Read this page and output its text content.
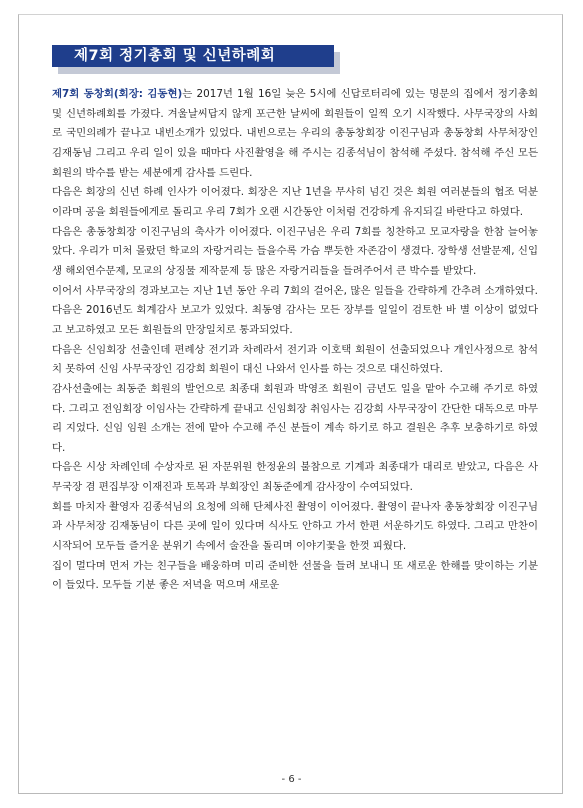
제7회 정기총회 및 신년하례회

제7회 동창회(회장: 김동현)는 2017년 1월 16일 늦은 5시에 신답로터리에 있는 명문의 집에서 정기총회 및 신년하례회를 가졌다. 겨울날씨답지 않게 포근한 날씨에 회원들이 일찍 오기 시작했다. 사무국장의 사회로 국민의례가 끝나고 내빈소개가 있었다. 내빈으로는 우리의 총동창회장 이진구님과 총동창회 사무처장인 김재동님 그리고 우리 일이 있을 때마다 사진촬영을 해 주시는 김종석님이 참석해 주셨다. 참석해 주신 모든 회원의 박수를 받는 세분에게 감사를 드린다.

다음은 회장의 신년 하례 인사가 이어졌다. 회장은 지난 1년을 무사히 넘긴 것은 회원 여러분들의 협조 덕분이라며 공을 회원들에게로 돌리고 우리 7회가 오랜 시간동안 이처럼 건강하게 유지되길 바란다고 하였다.

다음은 총동창회장 이진구님의 축사가 이어졌다. 이진구님은 우리 7회를 칭찬하고 모교자랑을 한참 늘어놓았다. 우리가 미처 몰랐던 학교의 자랑거리는 들을수록 가슴 뿌듯한 자존감이 생겼다. 장학생 선발문제, 신입생 해외연수문제, 모교의 상징물 제작문제 등 많은 자랑거리들을 들려주어서 큰 박수를 받았다.

이어서 사무국장의 경과보고는 지난 1년 동안 우리 7회의 걸어온, 많은 일들을 간략하게 간추려 소개하였다. 다음은 2016년도 회계감사 보고가 있었다. 최동영 감사는 모든 장부를 일일이 검토한 바 별 이상이 없었다고 보고하였고 모든 회원들의 만장일치로 통과되었다.

다음은 신임회장 선출인데 편례상 전기과 차례라서 전기과 이호택 회원이 선출되었으나 개인사정으로 참석치 못하여 신임 사무국장인 김강희 회원이 대신 나와서 인사를 하는 것으로 대신하였다.

감사선출에는 최동준 회원의 발언으로 최종대 회원과 박영조 회원이 금년도 일을 맡아 수고해 주기로 하였다. 그리고 전임회장 이임사는 간략하게 끝내고 신임회장 취임사는 김강희 사무국장이 간단한 대독으로 마무리 지었다. 신임 임원 소개는 전에 맡아 수고해 주신 분들이 계속 하기로 하고 결원은 추후 보충하기로 하였다.

다음은 시상 차례인데 수상자로 된 자문위원 한정윤의 불참으로 기계과 최종대가 대리로 받았고, 다음은 사무국장 겸 편집부장 이재진과 토목과 부회장인 최동준에게 감사장이 수여되었다.

회를 마치자 촬영자 김종석님의 요청에 의해 단체사진 촬영이 이어졌다. 촬영이 끝나자 총동창회장 이진구님과 사무처장 김재동님이 다른 곳에 일이 있다며 식사도 안하고 가서 한편 서운하기도 하였다. 그리고 만찬이 시작되어 모두들 즐거운 분위기 속에서 술잔을 돌리며 이야기꽃을 한껏 피웠다.

집이 멀다며 먼저 가는 친구들을 배웅하며 미리 준비한 선물을 들려 보내니 또 새로운 한해를 맞이하는 기분이 들었다. 모두들 기분 좋은 저녁을 먹으며 새로운

- 6 -
